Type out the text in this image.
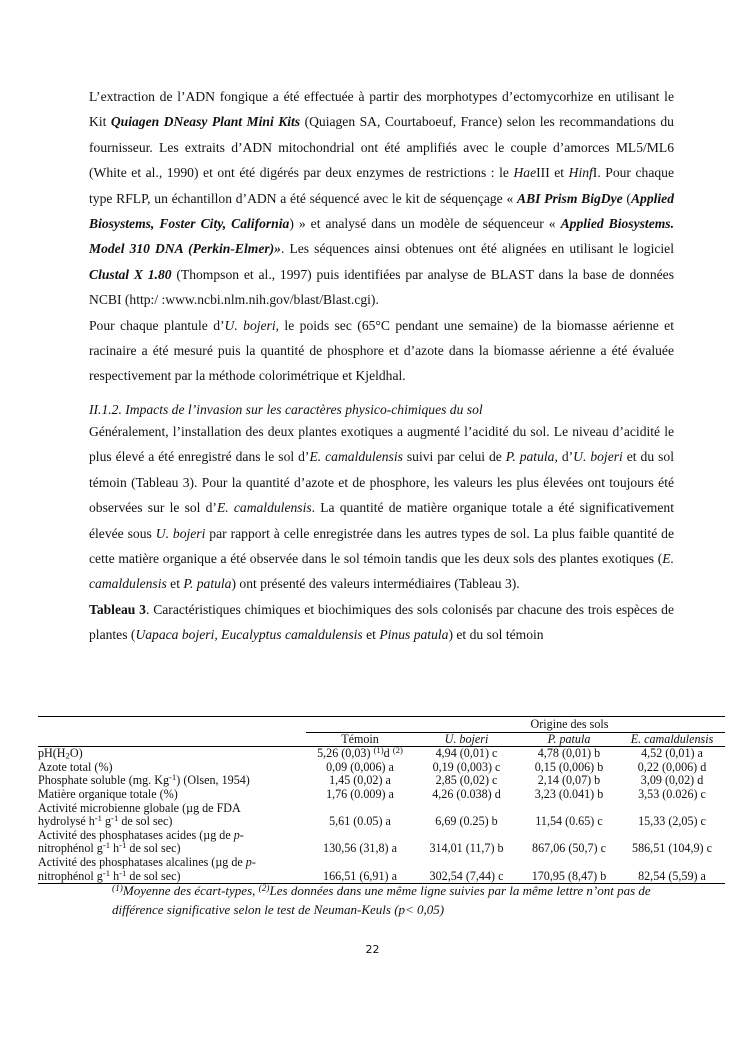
L’extraction de l’ADN fongique a été effectuée à partir des morphotypes d’ectomycorhize en utilisant le Kit Quiagen DNeasy Plant Mini Kits (Quiagen SA, Courtaboeuf, France) selon les recommandations du fournisseur. Les extraits d’ADN mitochondrial ont été amplifiés avec le couple d’amorces ML5/ML6 (White et al., 1990) et ont été digérés par deux enzymes de restrictions : le HaeIII et HinfI. Pour chaque type RFLP, un échantillon d’ADN a été séquencé avec le kit de séquençage « ABI Prism BigDye (Applied Biosystems, Foster City, California) » et analysé dans un modèle de séquenceur « Applied Biosystems. Model 310 DNA (Perkin-Elmer)». Les séquences ainsi obtenues ont été alignées en utilisant le logiciel Clustal X 1.80 (Thompson et al., 1997) puis identifiées par analyse de BLAST dans la base de données NCBI (http:/ :www.ncbi.nlm.nih.gov/blast/Blast.cgi).

Pour chaque plantule d’U. bojeri, le poids sec (65°C pendant une semaine) de la biomasse aérienne et racinaire a été mesuré puis la quantité de phosphore et d’azote dans la biomasse aérienne a été évaluée respectivement par la méthode colorimétrique et Kjeldhal.

II.1.2. Impacts de l’invasion sur les caractères physico-chimiques du sol

Généralement, l’installation des deux plantes exotiques a augmenté l’acidité du sol. Le niveau d’acidité le plus élevé a été enregistré dans le sol d’E. camaldulensis suivi par celui de P. patula, d’U. bojeri et du sol témoin (Tableau 3). Pour la quantité d’azote et de phosphore, les valeurs les plus élevées ont toujours été observées sur le sol d’E. camaldulensis. La quantité de matière organique totale a été significativement élevée sous U. bojeri par rapport à celle enregistrée dans les autres types de sol. La plus faible quantité de cette matière organique a été observée dans le sol témoin tandis que les deux sols des plantes exotiques (E. camaldulensis et P. patula) ont présenté des valeurs intermédiaires (Tableau 3).

Tableau 3. Caractéristiques chimiques et biochimiques des sols colonisés par chacune des trois espèces de plantes (Uapaca bojeri, Eucalyptus camaldulensis et Pinus patula) et du sol témoin

		Origine des sols		
	Témoin	U. bojeri	P. patula	E. camaldulensis
$pH(H_2O)$	5,26 (0,03) $^{(1)}$d $^{(2)}$	4,94 (0,01) c	4,78 (0,01) b	4,52 (0,01) a
Azote total (%)	0,09 (0,006) a	0,19 (0,003) c	0,15 (0,006) b	0,22 (0,006) d
Phosphate soluble (mg. $Kg^{-1}$) (Olsen, 1954)	1,45 (0,02) a	2,85 (0,02) c	2,14 (0,07) b	3,09 (0,02) d
Matière organique totale (%)	1,76 (0.009) a	4,26 (0.038) d	3,23 (0.041) b	3,53 (0.026) c
Activité microbienne globale (µg de FDA
hydrolysé $h^{-1}$ $g^{-1}$ de sol sec)	5,61 (0.05) a	6,69 (0.25) b	11,54 (0.65) c	15,33 (2,05) c
Activité des phosphatases acides (µg de p-
nitrophénol $g^{-1}$ $h^{-1}$ de sol sec)	130,56 (31,8) a	314,01 (11,7) b	867,06 (50,7) c	586,51 (104,9) c
Activité des phosphatases alcalines (µg de p-
nitrophénol $g^{-1}$ $h^{-1}$ de sol sec)	166,51 (6,91) a	302,54 (7,44) c	170,95 (8,47) b	82,54 (5,59) a
$^{(1)}$Moyenne des écart-types, $^{(2)}$Les données dans une même ligne suivies par la même lettre n’ont pas de différence significative selon le test de Neuman-Keuls (p< 0,05)
22
